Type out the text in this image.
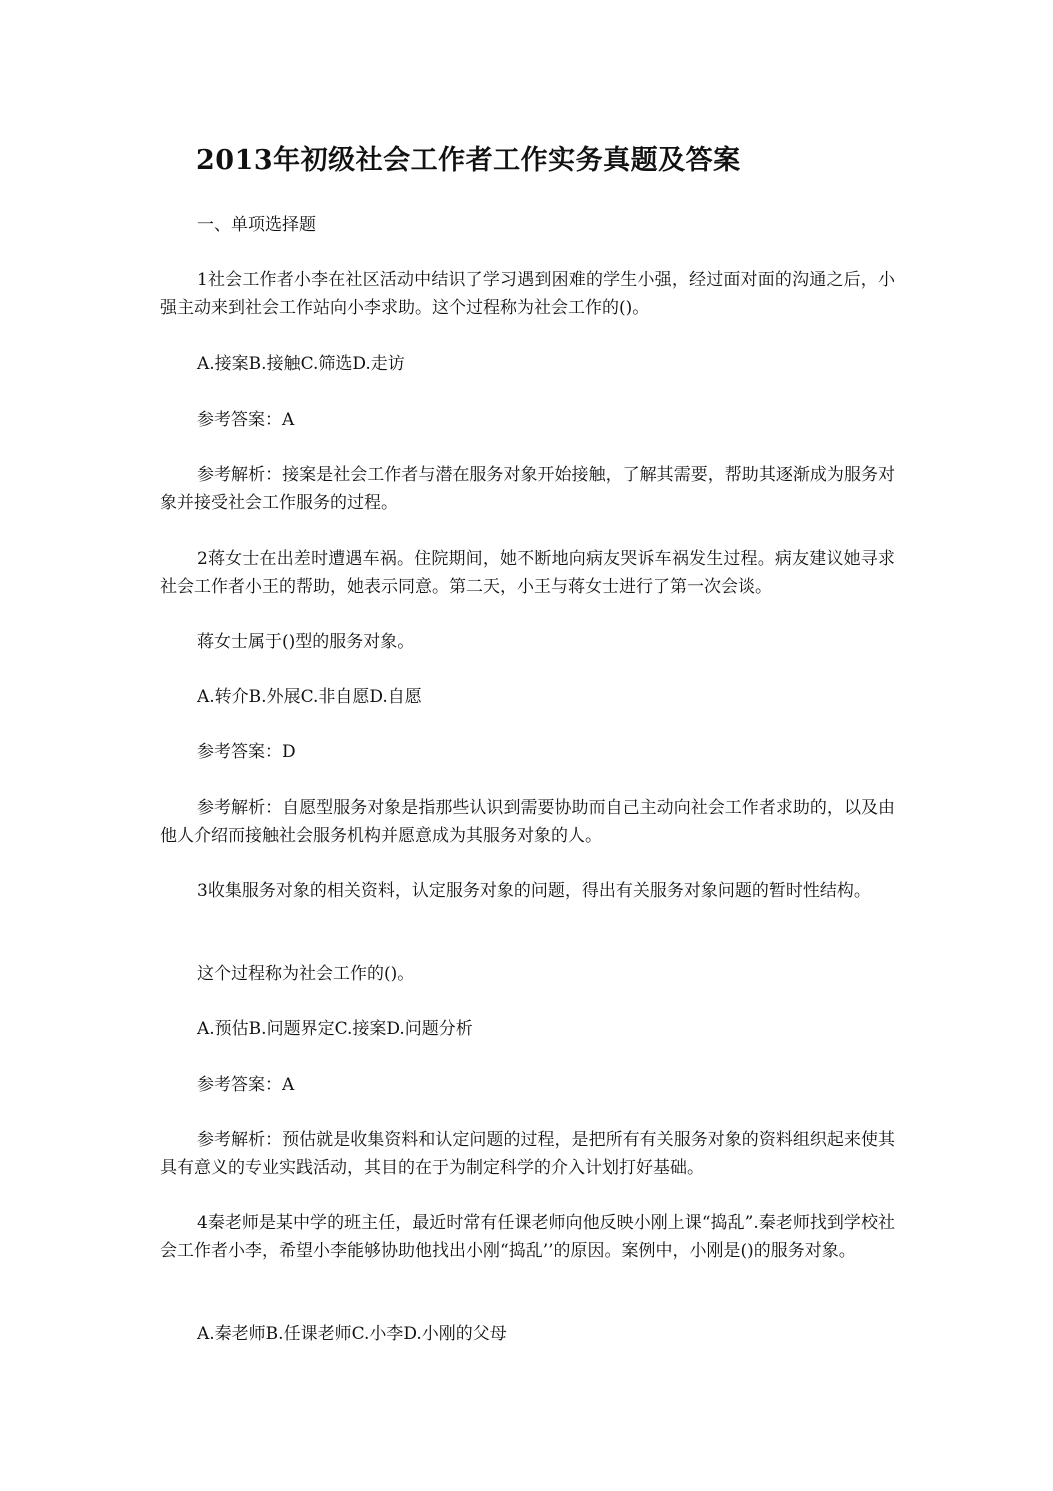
2013年初级社会工作者工作实务真题及答案
一、单项选择题
1社会工作者小李在社区活动中结识了学习遇到困难的学生小强，经过面对面的沟通之后，小强主动来到社会工作站向小李求助。这个过程称为社会工作的()。
A.接案B.接触C.筛选D.走访
参考答案：A
参考解析：接案是社会工作者与潜在服务对象开始接触，了解其需要，帮助其逐渐成为服务对象并接受社会工作服务的过程。
2蒋女士在出差时遭遇车祸。住院期间，她不断地向病友哭诉车祸发生过程。病友建议她寻求社会工作者小王的帮助，她表示同意。第二天，小王与蒋女士进行了第一次会谈。
蒋女士属于()型的服务对象。
A.转介B.外展C.非自愿D.自愿
参考答案：D
参考解析：自愿型服务对象是指那些认识到需要协助而自己主动向社会工作者求助的，以及由他人介绍而接触社会服务机构并愿意成为其服务对象的人。
3收集服务对象的相关资料，认定服务对象的问题，得出有关服务对象问题的暂时性结构。
这个过程称为社会工作的()。
A.预估B.问题界定C.接案D.问题分析
参考答案：A
参考解析：预估就是收集资料和认定问题的过程，是把所有有关服务对象的资料组织起来使其具有意义的专业实践活动，其目的在于为制定科学的介入计划打好基础。
4秦老师是某中学的班主任，最近时常有任课老师向他反映小刚上课“捣乱”.秦老师找到学校社会工作者小李，希望小李能够协助他找出小刚“捣乱’’的原因。案例中，小刚是()的服务对象。
A.秦老师B.任课老师C.小李D.小刚的父母
